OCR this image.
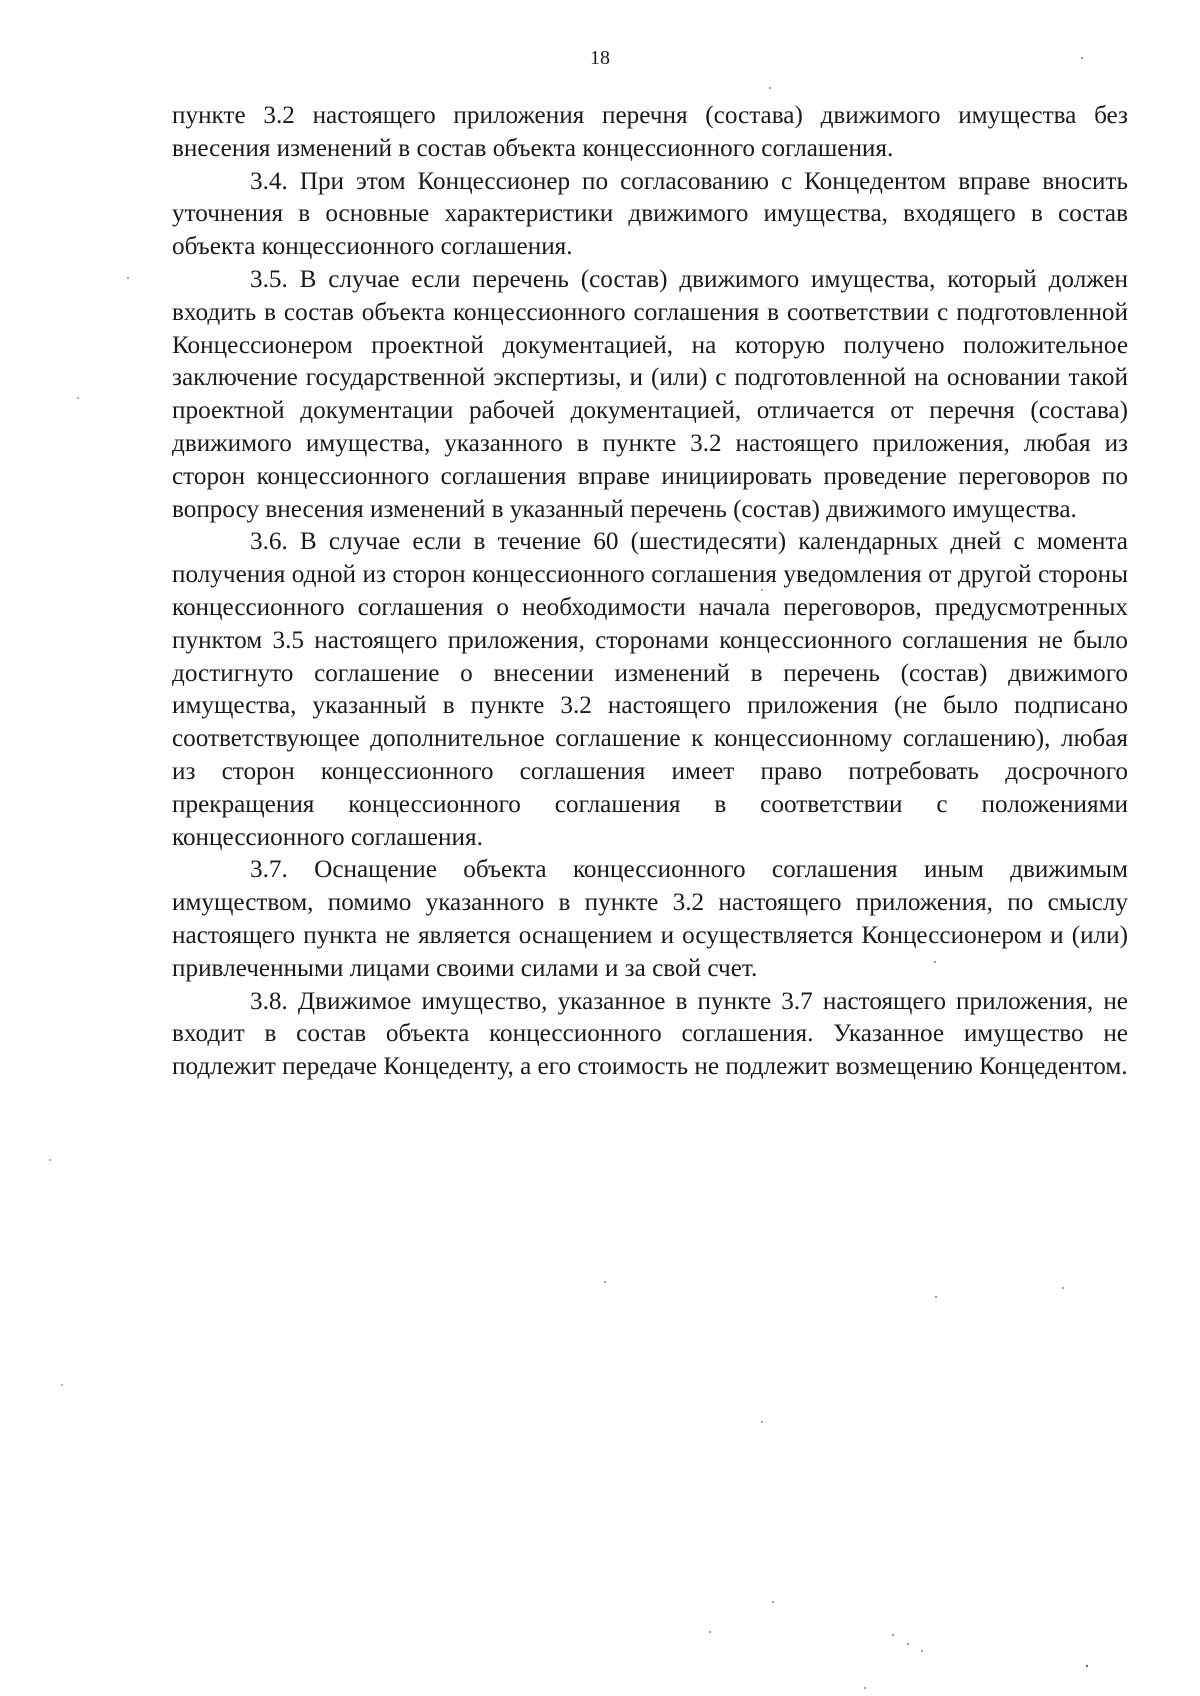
18

пункте 3.2 настоящего приложения перечня (состава) движимого имущества без внесения изменений в состав объекта концессионного соглашения.

3.4. При этом Концессионер по согласованию с Концедентом вправе вносить уточнения в основные характеристики движимого имущества, входящего в состав объекта концессионного соглашения.

3.5. В случае если перечень (состав) движимого имущества, который должен входить в состав объекта концессионного соглашения в соответствии с подготовленной Концессионером проектной документацией, на которую получено положительное заключение государственной экспертизы, и (или) с подготовленной на основании такой проектной документации рабочей документацией, отличается от перечня (состава) движимого имущества, указанного в пункте 3.2 настоящего приложения, любая из сторон концессионного соглашения вправе инициировать проведение переговоров по вопросу внесения изменений в указанный перечень (состав) движимого имущества.

3.6. В случае если в течение 60 (шестидесяти) календарных дней с момента получения одной из сторон концессионного соглашения уведомления от другой стороны концессионного соглашения о необходимости начала переговоров, предусмотренных пунктом 3.5 настоящего приложения, сторонами концессионного соглашения не было достигнуто соглашение о внесении изменений в перечень (состав) движимого имущества, указанный в пункте 3.2 настоящего приложения (не было подписано соответствующее дополнительное соглашение к концессионному соглашению), любая из сторон концессионного соглашения имеет право потребовать досрочного прекращения концессионного соглашения в соответствии с положениями концессионного соглашения.

3.7. Оснащение объекта концессионного соглашения иным движимым имуществом, помимо указанного в пункте 3.2 настоящего приложения, по смыслу настоящего пункта не является оснащением и осуществляется Концессионером и (или) привлеченными лицами своими силами и за свой счет.

3.8. Движимое имущество, указанное в пункте 3.7 настоящего приложения, не входит в состав объекта концессионного соглашения. Указанное имущество не подлежит передаче Концеденту, а его стоимость не подлежит возмещению Концедентом.
